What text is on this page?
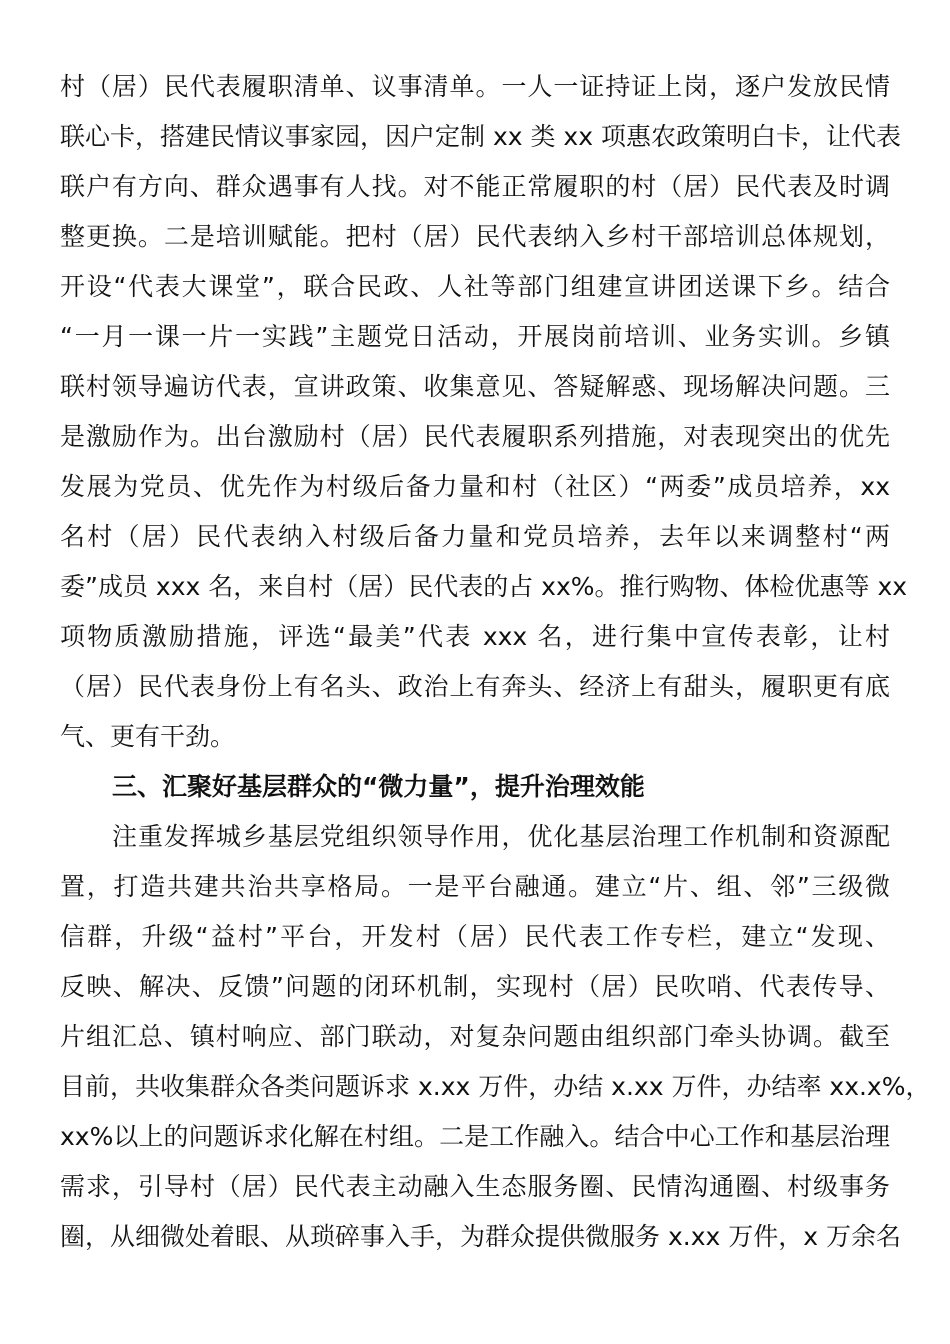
村（居）民代表履职清单、议事清单。一人一证持证上岗，逐户发放民情
联心卡，搭建民情议事家园，因户定制 xx 类 xx 项惠农政策明白卡，让代表
联户有方向、群众遇事有人找。对不能正常履职的村（居）民代表及时调
整更换。二是培训赋能。把村（居）民代表纳入乡村干部培训总体规划，
开设“代表大课堂”，联合民政、人社等部门组建宣讲团送课下乡。结合
“一月一课一片一实践”主题党日活动，开展岗前培训、业务实训。乡镇
联村领导遍访代表，宣讲政策、收集意见、答疑解惑、现场解决问题。三
是激励作为。出台激励村（居）民代表履职系列措施，对表现突出的优先
发展为党员、优先作为村级后备力量和村（社区）“两委”成员培养，xx
名村（居）民代表纳入村级后备力量和党员培养，去年以来调整村“两
委”成员 xxx 名，来自村（居）民代表的占 xx%。推行购物、体检优惠等 xx
项物质激励措施，评选“最美”代表 xxx 名，进行集中宣传表彰，让村
（居）民代表身份上有名头、政治上有奔头、经济上有甜头，履职更有底
气、更有干劲。
三、汇聚好基层群众的“微力量”，提升治理效能
注重发挥城乡基层党组织领导作用，优化基层治理工作机制和资源配
置，打造共建共治共享格局。一是平台融通。建立“片、组、邻”三级微
信群，升级“益村”平台，开发村（居）民代表工作专栏，建立“发现、
反映、解决、反馈”问题的闭环机制，实现村（居）民吹哨、代表传导、
片组汇总、镇村响应、部门联动，对复杂问题由组织部门牵头协调。截至
目前，共收集群众各类问题诉求 x.xx 万件，办结 x.xx 万件，办结率 xx.x%，
xx%以上的问题诉求化解在村组。二是工作融入。结合中心工作和基层治理
需求，引导村（居）民代表主动融入生态服务圈、民情沟通圈、村级事务
圈，从细微处着眼、从琐碎事入手，为群众提供微服务 x.xx 万件，x 万余名
